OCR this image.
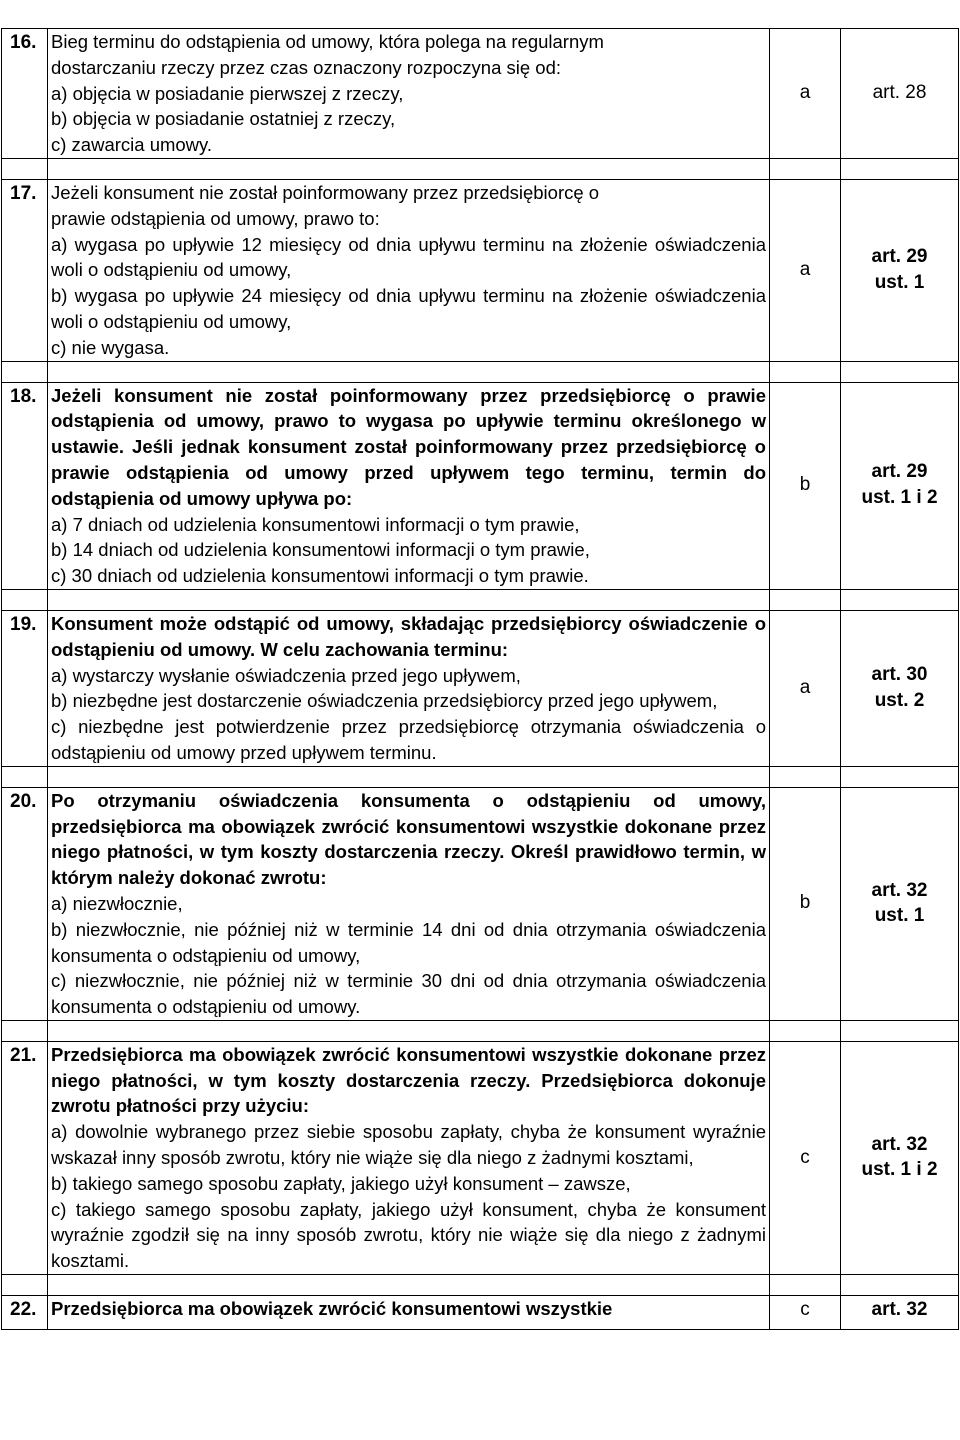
16.	Bieg terminu do odstąpienia od umowy, która polega na regularnym
dostarczaniu rzeczy przez czas oznaczony rozpoczyna się od:
a) objęcia w posiadanie pierwszej z rzeczy,
b) objęcia w posiadanie ostatniej z rzeczy,
c) zawarcia umowy.	a	art. 28

17.	Jeżeli konsument nie został poinformowany przez przedsiębiorcę o
prawie odstąpienia od umowy, prawo to:
a) wygasa po upływie 12 miesięcy od dnia upływu terminu na złożenie oświadczenia woli o odstąpieniu od umowy,
b) wygasa po upływie 24 miesięcy od dnia upływu terminu na złożenie oświadczenia woli o odstąpieniu od umowy,
c) nie wygasa.	a	art. 29
ust. 1

18.	Jeżeli konsument nie został poinformowany przez przedsiębiorcę o prawie odstąpienia od umowy, prawo to wygasa po upływie terminu określonego w ustawie. Jeśli jednak konsument został poinformowany przez przedsiębiorcę o prawie odstąpienia od umowy przed upływem tego terminu, termin do odstąpienia od umowy upływa po:
a) 7 dniach od udzielenia konsumentowi informacji o tym prawie,
b) 14 dniach od udzielenia konsumentowi informacji o tym prawie,
c) 30 dniach od udzielenia konsumentowi informacji o tym prawie.	b	art. 29
ust. 1 i 2

19.	Konsument może odstąpić od umowy, składając przedsiębiorcy oświadczenie o odstąpieniu od umowy. W celu zachowania terminu:
a) wystarczy wysłanie oświadczenia przed jego upływem,
b) niezbędne jest dostarczenie oświadczenia przedsiębiorcy przed jego upływem,
c) niezbędne jest potwierdzenie przez przedsiębiorcę otrzymania oświadczenia o odstąpieniu od umowy przed upływem terminu.	a	art. 30
ust. 2

20.	Po otrzymaniu oświadczenia konsumenta o odstąpieniu od umowy, przedsiębiorca ma obowiązek zwrócić konsumentowi wszystkie dokonane przez niego płatności, w tym koszty dostarczenia rzeczy. Określ prawidłowo termin, w którym należy dokonać zwrotu:
a) niezwłocznie,
b) niezwłocznie, nie później niż w terminie 14 dni od dnia otrzymania oświadczenia konsumenta o odstąpieniu od umowy,
c) niezwłocznie, nie później niż w terminie 30 dni od dnia otrzymania oświadczenia konsumenta o odstąpieniu od umowy.	b	art. 32
ust. 1

21.	Przedsiębiorca ma obowiązek zwrócić konsumentowi wszystkie dokonane przez niego płatności, w tym koszty dostarczenia rzeczy. Przedsiębiorca dokonuje zwrotu płatności przy użyciu:
a) dowolnie wybranego przez siebie sposobu zapłaty, chyba że konsument wyraźnie wskazał inny sposób zwrotu, który nie wiąże się dla niego z żadnymi kosztami,
b) takiego samego sposobu zapłaty, jakiego użył konsument – zawsze,
c) takiego samego sposobu zapłaty, jakiego użył konsument, chyba że konsument wyraźnie zgodził się na inny sposób zwrotu, który nie wiąże się dla niego z żadnymi kosztami.	c	art. 32
ust. 1 i 2

22.	Przedsiębiorca ma obowiązek zwrócić konsumentowi wszystkie	c	art. 32
